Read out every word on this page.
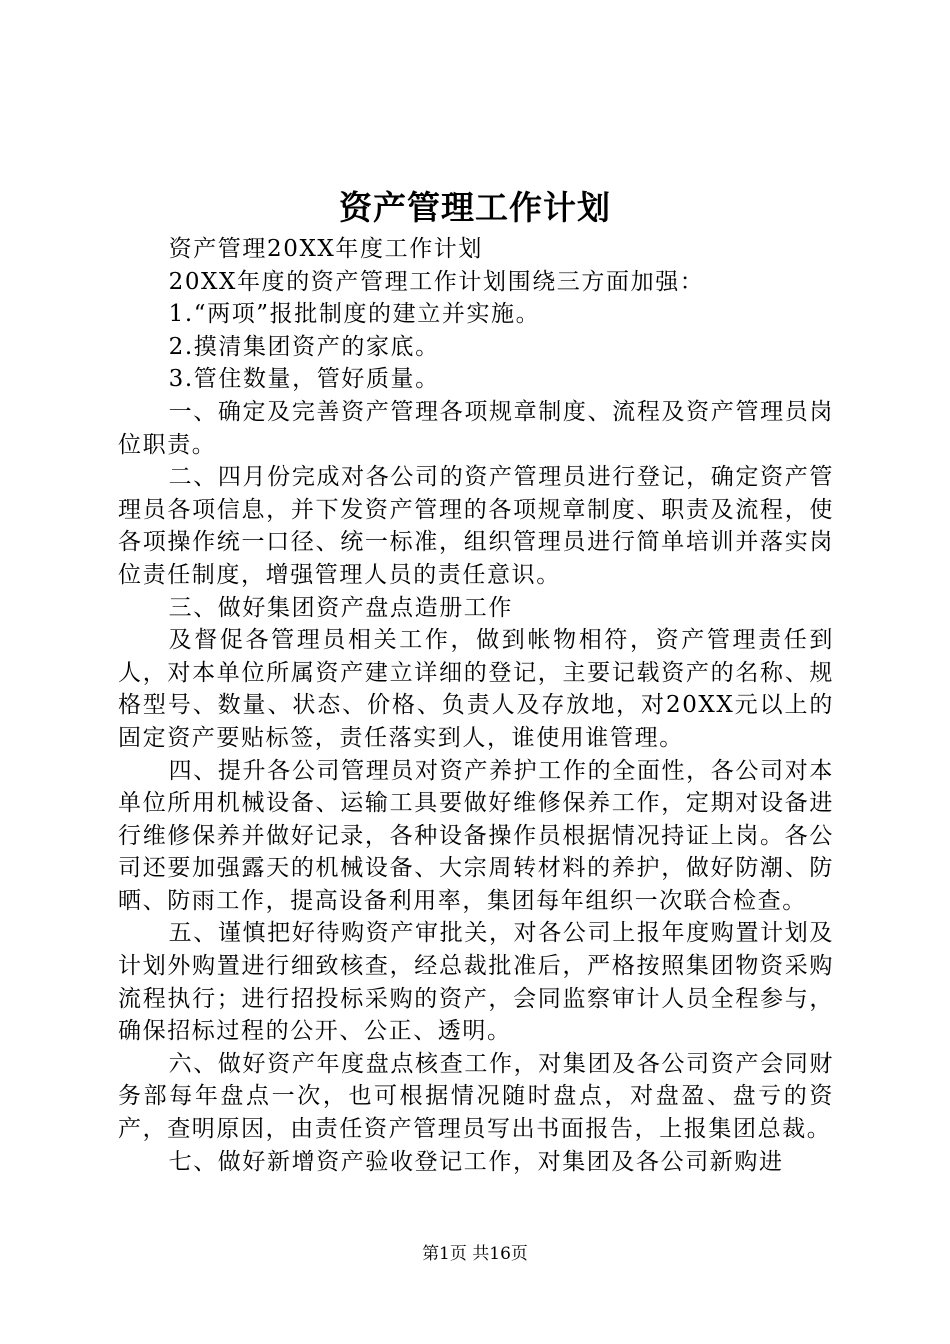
资产管理工作计划

资产管理20XX年度工作计划

20XX年度的资产管理工作计划围绕三方面加强：

1.“两项”报批制度的建立并实施。

2.摸清集团资产的家底。

3.管住数量，管好质量。

一、确定及完善资产管理各项规章制度、流程及资产管理员岗位职责。

二、四月份完成对各公司的资产管理员进行登记，确定资产管理员各项信息，并下发资产管理的各项规章制度、职责及流程，使各项操作统一口径、统一标准，组织管理员进行简单培训并落实岗位责任制度，增强管理人员的责任意识。

三、做好集团资产盘点造册工作

及督促各管理员相关工作，做到帐物相符，资产管理责任到人，对本单位所属资产建立详细的登记，主要记载资产的名称、规格型号、数量、状态、价格、负责人及存放地，对20XX元以上的固定资产要贴标签，责任落实到人，谁使用谁管理。

四、提升各公司管理员对资产养护工作的全面性，各公司对本单位所用机械设备、运输工具要做好维修保养工作，定期对设备进行维修保养并做好记录，各种设备操作员根据情况持证上岗。各公司还要加强露天的机械设备、大宗周转材料的养护，做好防潮、防晒、防雨工作，提高设备利用率，集团每年组织一次联合检查。

五、谨慎把好待购资产审批关，对各公司上报年度购置计划及计划外购置进行细致核查，经总裁批准后，严格按照集团物资采购流程执行；进行招投标采购的资产，会同监察审计人员全程参与，确保招标过程的公开、公正、透明。

六、做好资产年度盘点核查工作，对集团及各公司资产会同财务部每年盘点一次，也可根据情况随时盘点，对盘盈、盘亏的资产，查明原因，由责任资产管理员写出书面报告，上报集团总裁。

七、做好新增资产验收登记工作，对集团及各公司新购进

第1页 共16页
